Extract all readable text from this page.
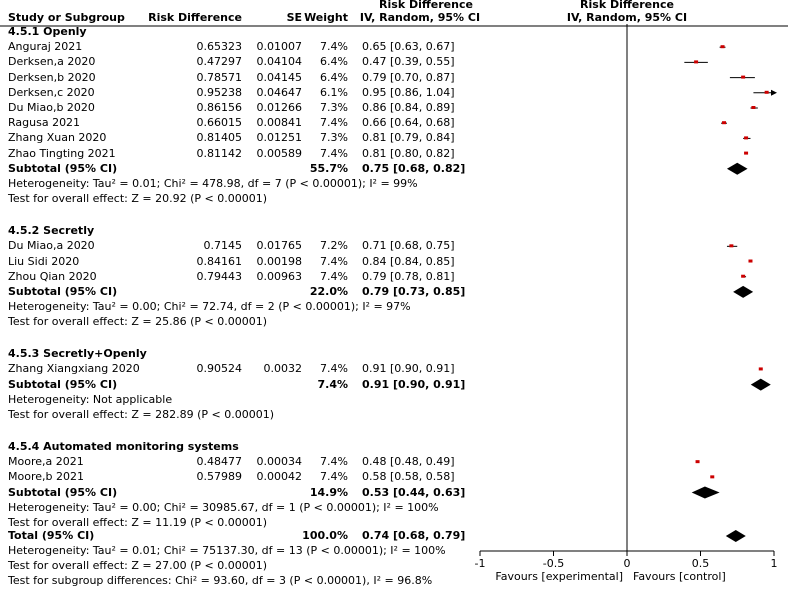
Risk Difference	Risk Difference
Study or Subgroup Risk Difference	SE Weight	IV, Random, 95% CI	IV, Random, 95% CI
4.5.1 Openly
Anguraj 2021	0.65323 0.01007 7.4% 0.65 [0.63, 0.67]
Derksen,a 2020	0.47297 0.04104 6.4% 0.47 [0.39, 0.55]
Derksen,b 2020	0.78571 0.04145 6.4% 0.79 [0.70, 0.87]
Derksen,c 2020	0.95238 0.04647 6.1% 0.95 [0.86, 1.04]
Du Miao,b 2020	0.86156 0.01266 7.3% 0.86 [0.84, 0.89]
Ragusa 2021	0.66015 0.00841 7.4% 0.66 [0.64, 0.68]
Zhang Xuan 2020	0.81405 0.01251 7.3% 0.81 [0.79, 0.84]
Zhao Tingting 2021	0.81142 0.00589 7.4% 0.81 [0.80, 0.82]
Subtotal (95% CI)	55.7% 0.75 [0.68, 0.82]
Heterogeneity: Tau² = 0.01; Chi² = 478.98, df = 7 (P < 0.00001); I² = 99%
Test for overall effect: Z = 20.92 (P < 0.00001)
4.5.2 Secretly
Du Miao,a 2020	0.7145 0.01765 7.2% 0.71 [0.68, 0.75]
Liu Sidi 2020	0.84161 0.00198 7.4% 0.84 [0.84, 0.85]
Zhou Qian 2020	0.79443 0.00963 7.4% 0.79 [0.78, 0.81]
Subtotal (95% CI)	22.0% 0.79 [0.73, 0.85]
Heterogeneity: Tau² = 0.00; Chi² = 72.74, df = 2 (P < 0.00001); I² = 97%
Test for overall effect: Z = 25.86 (P < 0.00001)
4.5.3 Secretly+Openly
Zhang Xiangxiang 2020	0.90524 0.0032 7.4% 0.91 [0.90, 0.91]
Subtotal (95% CI)	7.4% 0.91 [0.90, 0.91]
Heterogeneity: Not applicable
Test for overall effect: Z = 282.89 (P < 0.00001)
4.5.4 Automated monitoring systems
Moore,a 2021	0.48477 0.00034 7.4% 0.48 [0.48, 0.49]
Moore,b 2021	0.57989 0.00042 7.4% 0.58 [0.58, 0.58]
Subtotal (95% CI)	14.9% 0.53 [0.44, 0.63]
Heterogeneity: Tau² = 0.00; Chi² = 30985.67, df = 1 (P < 0.00001); I² = 100%
Test for overall effect: Z = 11.19 (P < 0.00001)
Total (95% CI)	100.0% 0.74 [0.68, 0.79]
Heterogeneity: Tau² = 0.01; Chi² = 75137.30, df = 13 (P < 0.00001); I² = 100%
Test for overall effect: Z = 27.00 (P < 0.00001)
Test for subgroup differences: Chi² = 93.60, df = 3 (P < 0.00001), I² = 96.8%
-1	-0.5	0	0.5	1
Favours [experimental] Favours [control]
